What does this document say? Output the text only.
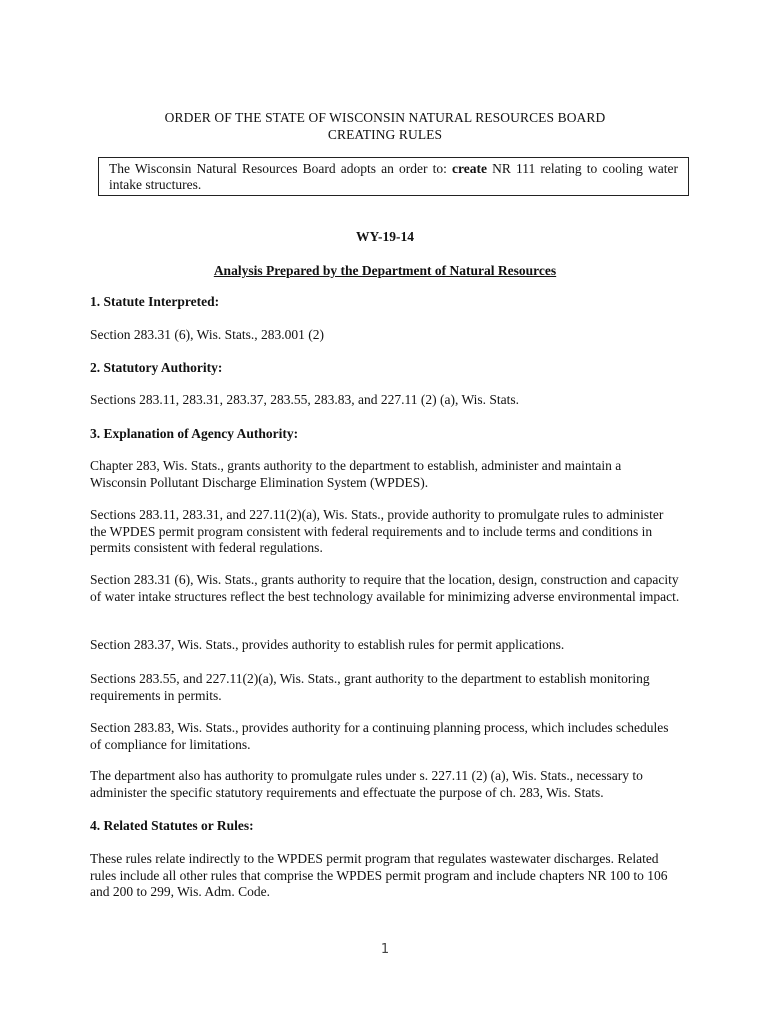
ORDER OF THE STATE OF WISCONSIN NATURAL RESOURCES BOARD
CREATING RULES
The Wisconsin Natural Resources Board adopts an order to: create NR 111 relating to cooling water intake structures.
WY-19-14
Analysis Prepared by the Department of Natural Resources
1. Statute Interpreted:
Section 283.31 (6), Wis. Stats., 283.001 (2)
2. Statutory Authority:
Sections 283.11, 283.31, 283.37, 283.55, 283.83, and 227.11 (2) (a), Wis. Stats.
3. Explanation of Agency Authority:
Chapter 283, Wis. Stats., grants authority to the department to establish, administer and maintain a Wisconsin Pollutant Discharge Elimination System (WPDES).
Sections 283.11, 283.31, and 227.11(2)(a), Wis. Stats., provide authority to promulgate rules to administer the WPDES permit program consistent with federal requirements and to include terms and conditions in permits consistent with federal regulations.
Section 283.31 (6), Wis. Stats., grants authority to require that the location, design, construction and capacity of water intake structures reflect the best technology available for minimizing adverse environmental impact.
Section 283.37, Wis. Stats., provides authority to establish rules for permit applications.
Sections 283.55, and 227.11(2)(a), Wis. Stats., grant authority to the department to establish monitoring requirements in permits.
Section 283.83, Wis. Stats., provides authority for a continuing planning process, which includes schedules of compliance for limitations.
The department also has authority to promulgate rules under s. 227.11 (2) (a), Wis. Stats., necessary to administer the specific statutory requirements and effectuate the purpose of ch. 283, Wis. Stats.
4. Related Statutes or Rules:
These rules relate indirectly to the WPDES permit program that regulates wastewater discharges. Related rules include all other rules that comprise the WPDES permit program and include chapters NR 100 to 106 and 200 to 299, Wis. Adm. Code.
1
